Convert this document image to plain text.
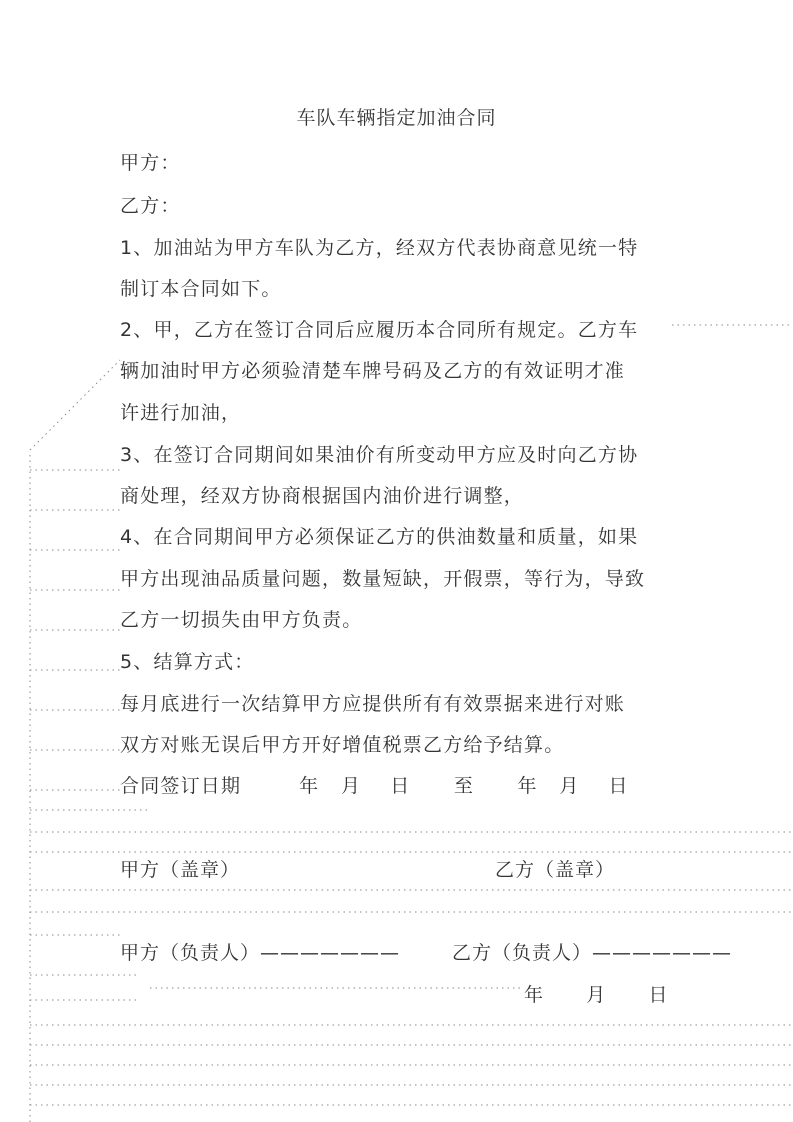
车队车辆指定加油合同
甲方：
乙方：
1、加油站为甲方车队为乙方，经双方代表协商意见统一特
制订本合同如下。
2、甲，乙方在签订合同后应履历本合同所有规定。乙方车
辆加油时甲方必须验清楚车牌号码及乙方的有效证明才准
许进行加油，
3、在签订合同期间如果油价有所变动甲方应及时向乙方协
商处理，经双方协商根据国内油价进行调整，
4、在合同期间甲方必须保证乙方的供油数量和质量，如果
甲方出现油品质量问题，数量短缺，开假票，等行为，导致
乙方一切损失由甲方负责。
5、结算方式：
每月底进行一次结算甲方应提供所有有效票据来进行对账
双方对账无误后甲方开好增值税票乙方给予结算。
合同签订日期        年   月    日      至      年   月    日
甲方（盖章）	乙方（盖章）
甲方（负责人）———————	乙方（负责人）———————
年      月      日
